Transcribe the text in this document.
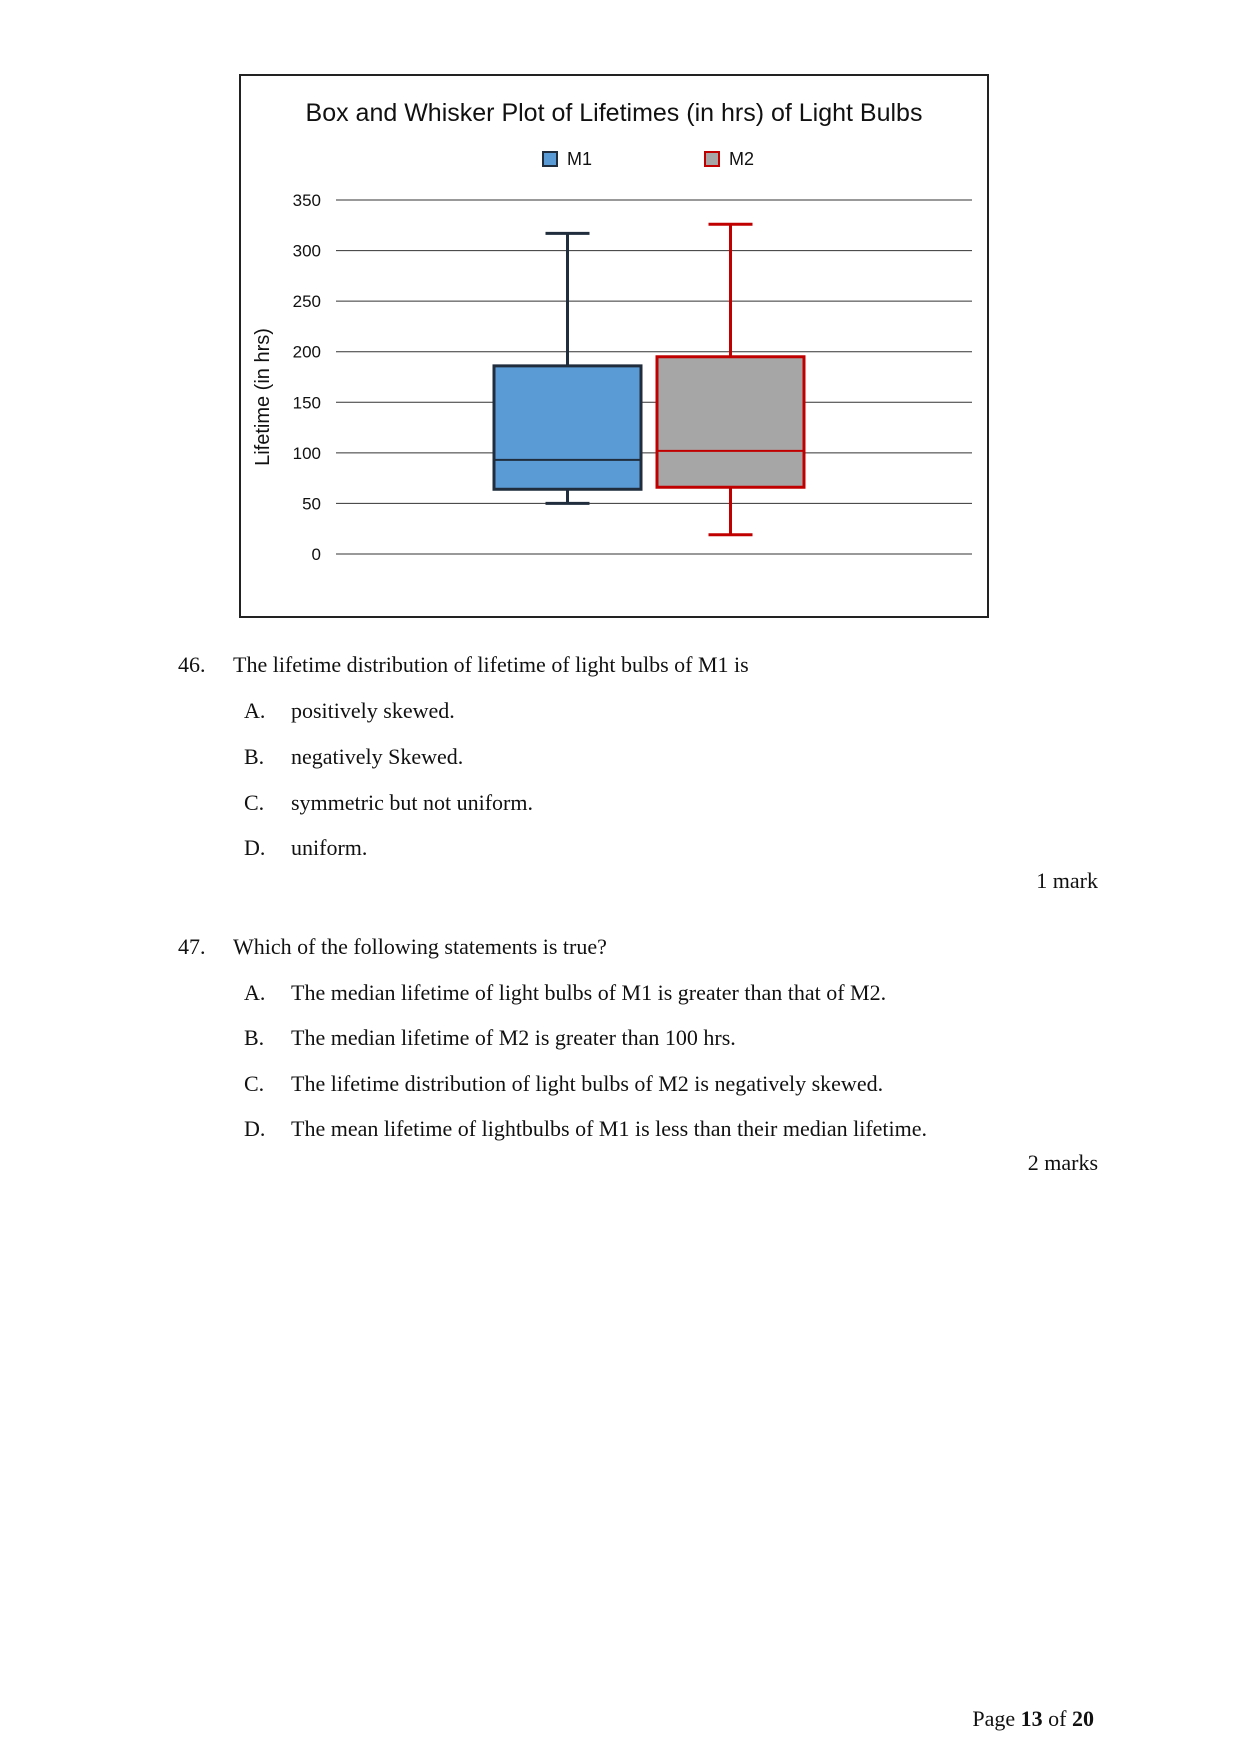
Box and Whisker Plot of Lifetimes (in hrs) of Light Bulbs
0
50
100
150
200
250
300
350
Lifetime (in hrs)
M1	M2
46. The lifetime distribution of lifetime of light bulbs of M1 is
A. positively skewed.
B. negatively Skewed.
C. symmetric but not uniform.
D. uniform.
1 mark
47. Which of the following statements is true?
A. The median lifetime of light bulbs of M1 is greater than that of M2.
B. The median lifetime of M2 is greater than 100 hrs.
C. The lifetime distribution of light bulbs of M2 is negatively skewed.
D. The mean lifetime of lightbulbs of M1 is less than their median lifetime.
2 marks
Page 13 of 20
